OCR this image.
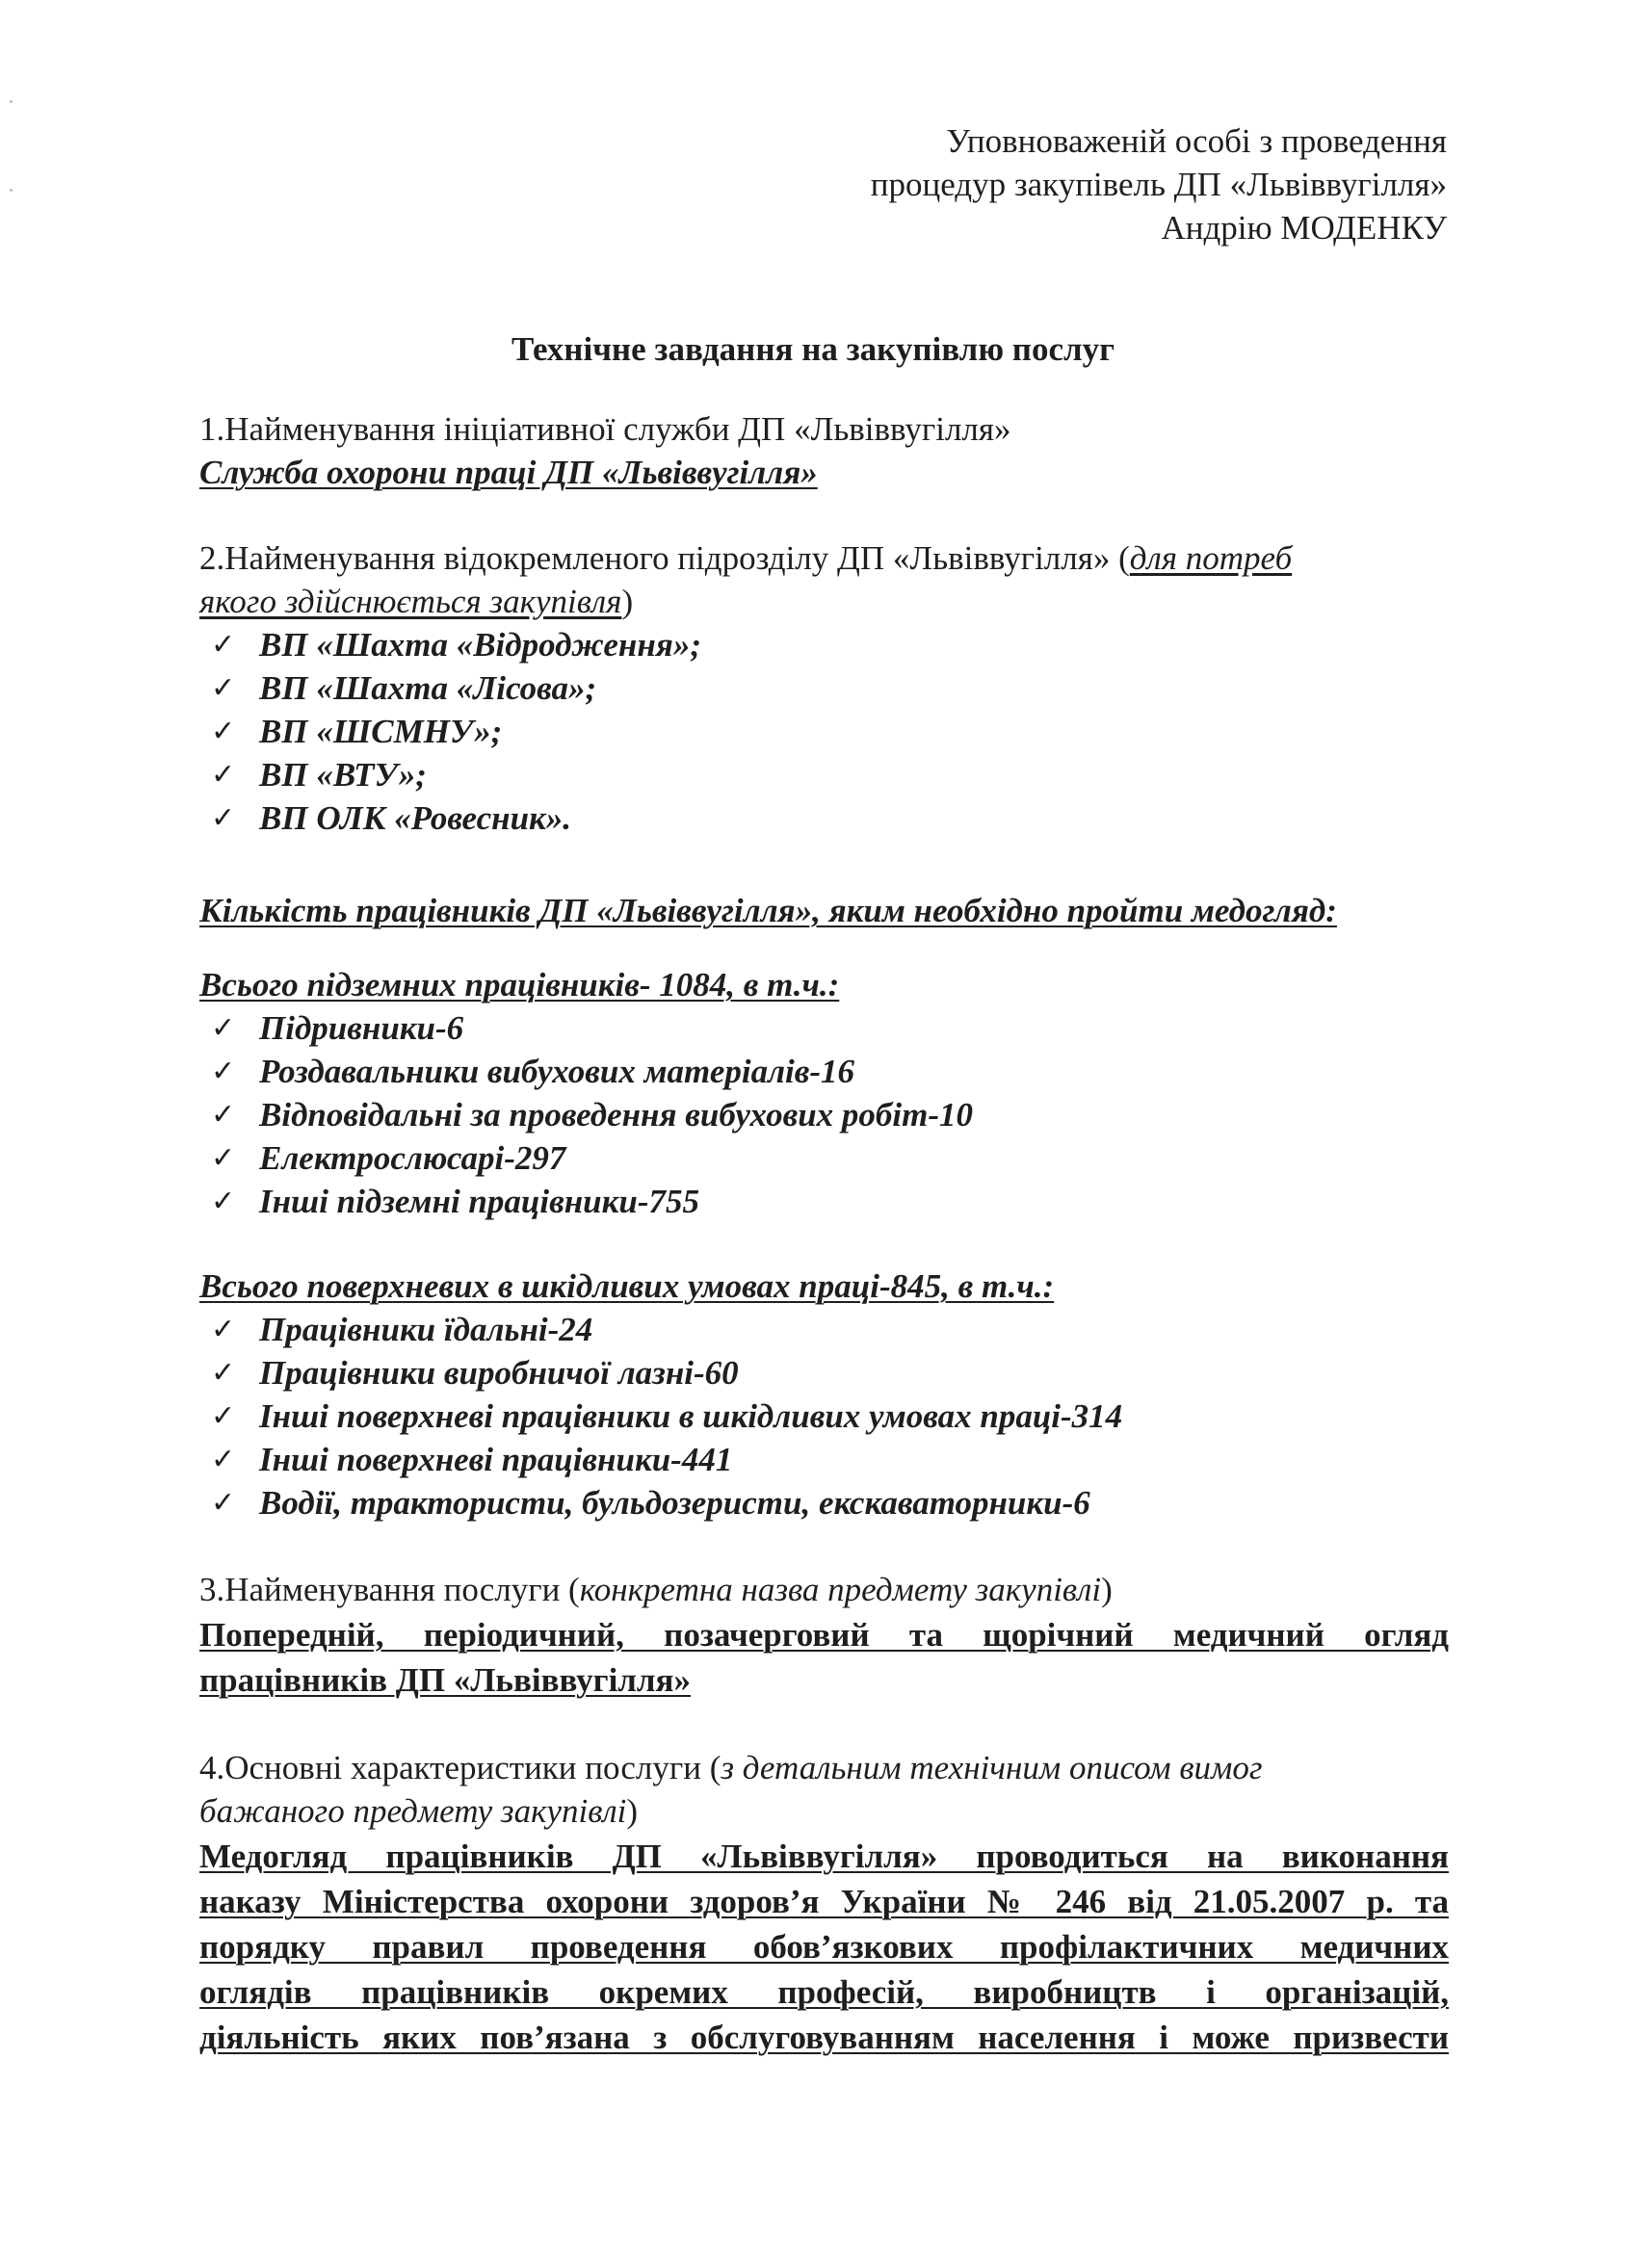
Уповноваженій особі з проведення
процедур закупівель ДП «Львіввугілля»
Андрію МОДЕНКУ
Технічне завдання на закупівлю послуг
1.Найменування ініціативної служби ДП «Львіввугілля»
Служба охорони праці ДП «Львіввугілля»
2.Найменування відокремленого підрозділу ДП «Львіввугілля» (для потреб
якого здійснюється закупівля)
✓ ВП «Шахта «Відродження»;
✓ ВП «Шахта «Лісова»;
✓ ВП «ШСМНУ»;
✓ ВП «ВТУ»;
✓ ВП ОЛК «Ровесник».
Кількість працівників ДП «Львіввугілля», яким необхідно пройти медогляд:
Всього підземних працівників- 1084, в т.ч.:
✓ Підривники-6
✓ Роздавальники вибухових матеріалів-16
✓ Відповідальні за проведення вибухових робіт-10
✓ Електрослюсарі-297
✓ Інші підземні працівники-755
Всього поверхневих в шкідливих умовах праці-845, в т.ч.:
✓ Працівники їдальні-24
✓ Працівники виробничої лазні-60
✓ Інші поверхневі працівники в шкідливих умовах праці-314
✓ Інші поверхневі працівники-441
✓ Водії, трактористи, бульдозеристи, екскаваторники-6
3.Найменування послуги (конкретна назва предмету закупівлі)
Попередній, періодичний, позачерговий та щорічний медичний огляд
працівників ДП «Львіввугілля»
4.Основні характеристики послуги (з детальним технічним описом вимог
бажаного предмету закупівлі)
Медогляд працівників ДП «Львіввугілля» проводиться на виконання
наказу Міністерства охорони здоров’я України № 246 від 21.05.2007 р. та
порядку правил проведення обов’язкових профілактичних медичних
оглядів працівників окремих професій, виробництв і організацій,
діяльність яких пов’язана з обслуговуванням населення і може призвести
